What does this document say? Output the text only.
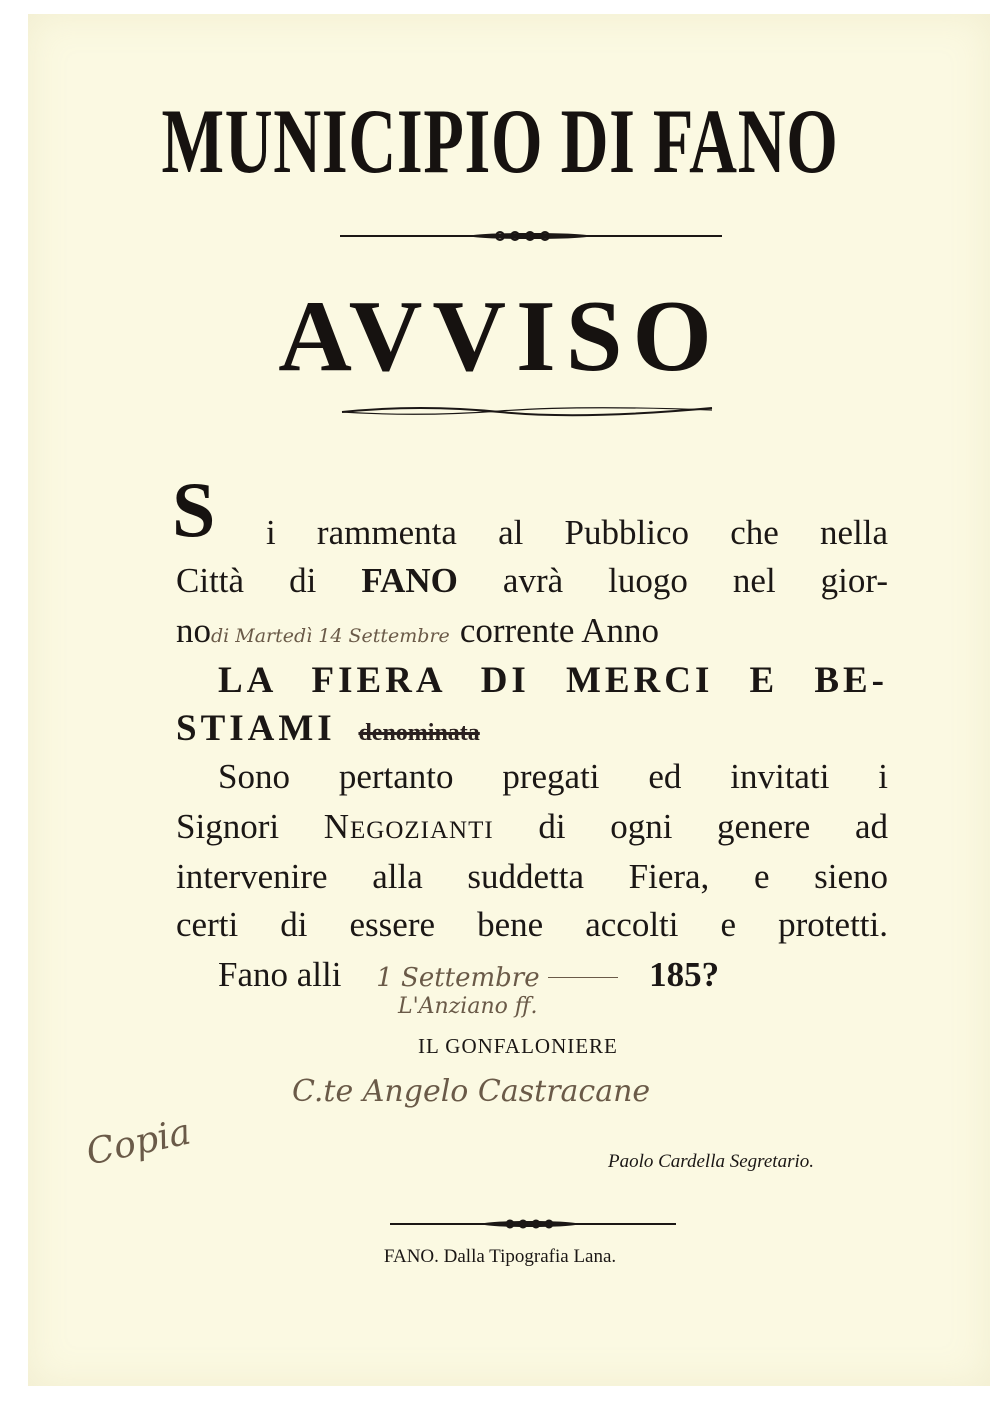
MUNICIPIO DI FANO
AVVISO
S i rammenta al Pubblico che nella
Città di FANO avrà luogo nel gior-
nodi Martedì 14 Settembre corrente Anno
LA FIERA DI MERCI E BE-
STIAMI denominata
Sono pertanto pregati ed invitati i
Signori Negozianti di ogni genere ad
intervenire alla suddetta Fiera, e sieno
certi di essere bene accolti e protetti.
Fano alli 1 Settembre	185?
L'Anziano ff.
IL GONFALONIERE
C.te Angelo Castracane
Copia	Paolo Cardella Segretario.
FANO. Dalla Tipografia Lana.
